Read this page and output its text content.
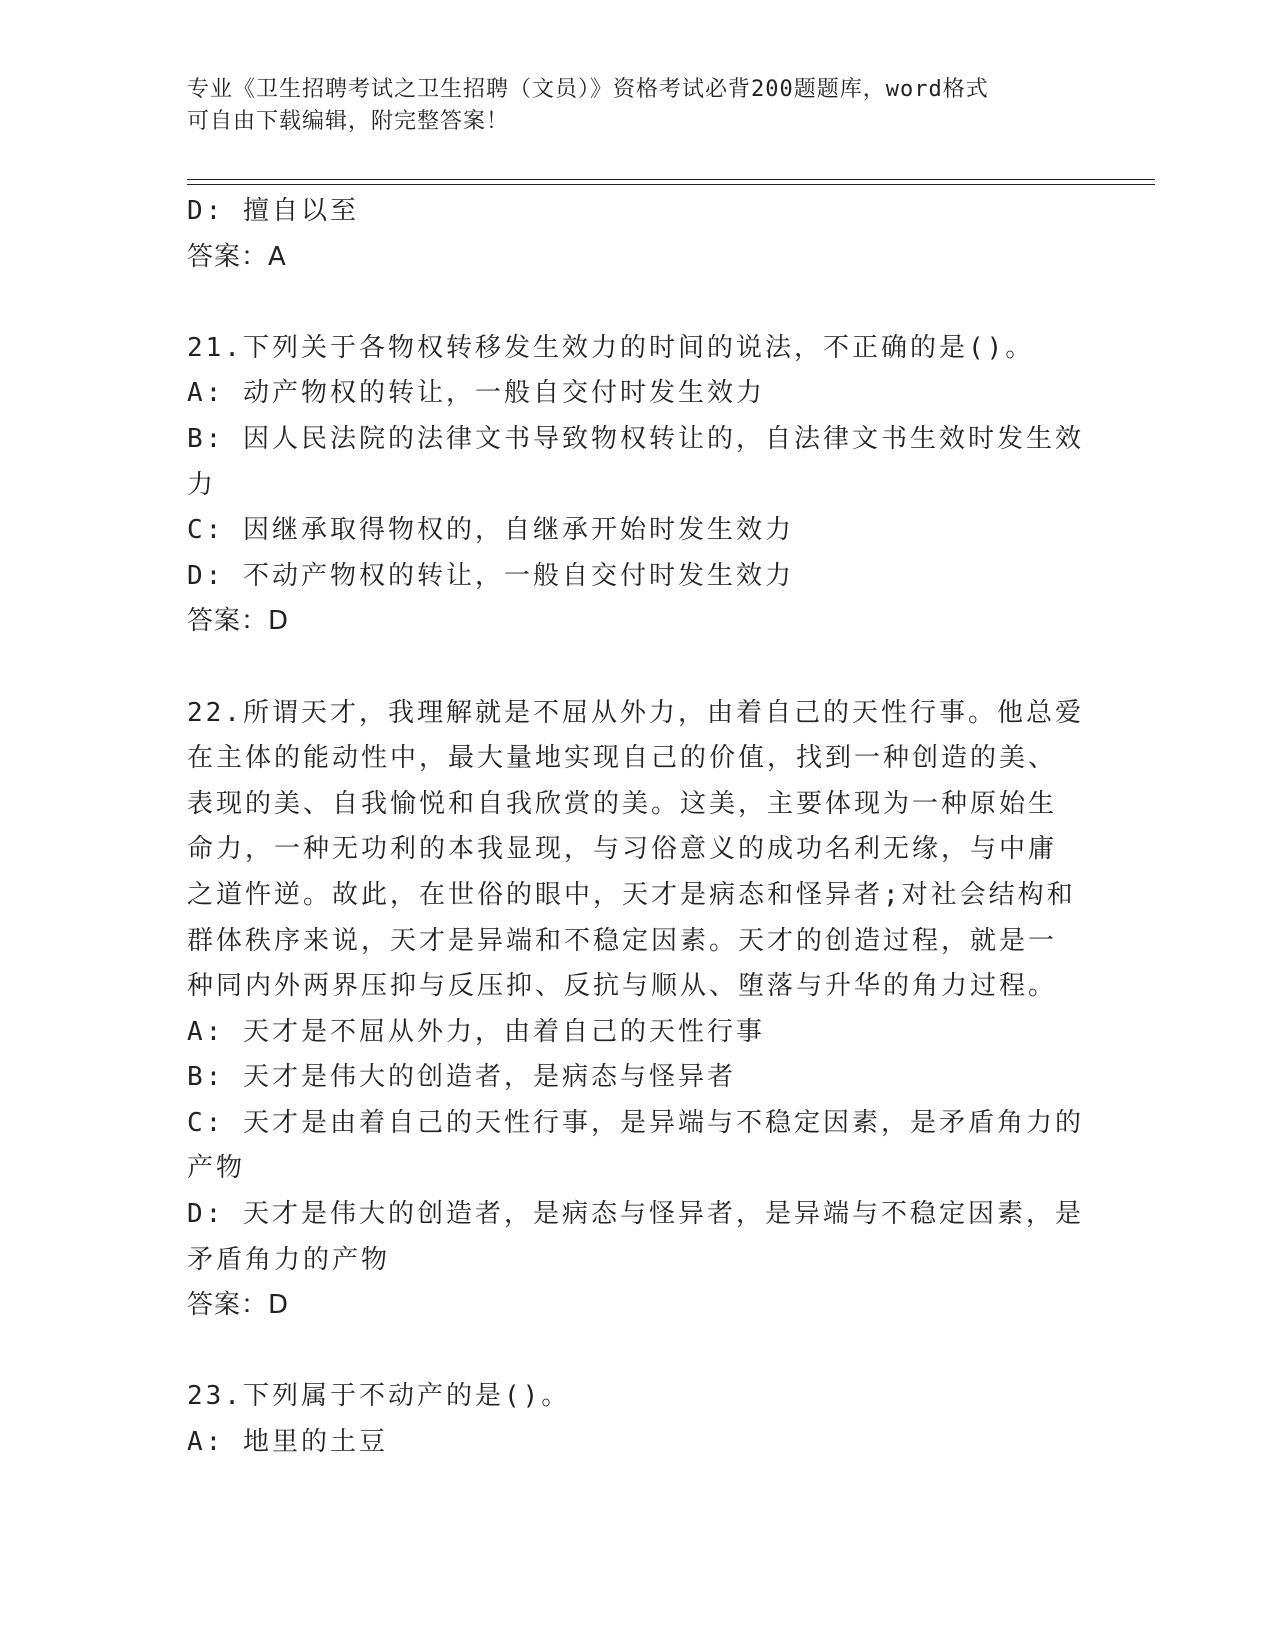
专业《卫生招聘考试之卫生招聘（文员）》资格考试必背200题题库，word格式
可自由下载编辑，附完整答案！
D: 擅自以至
答案：A
21.下列关于各物权转移发生效力的时间的说法，不正确的是()。
A: 动产物权的转让，一般自交付时发生效力
B: 因人民法院的法律文书导致物权转让的，自法律文书生效时发生效
力
C: 因继承取得物权的，自继承开始时发生效力
D: 不动产物权的转让，一般自交付时发生效力
答案：D
22.所谓天才，我理解就是不屈从外力，由着自己的天性行事。他总爱
在主体的能动性中，最大量地实现自己的价值，找到一种创造的美、
表现的美、自我愉悦和自我欣赏的美。这美，主要体现为一种原始生
命力，一种无功利的本我显现，与习俗意义的成功名利无缘，与中庸
之道忤逆。故此，在世俗的眼中，天才是病态和怪异者;对社会结构和
群体秩序来说，天才是异端和不稳定因素。天才的创造过程，就是一
种同内外两界压抑与反压抑、反抗与顺从、堕落与升华的角力过程。
A: 天才是不屈从外力，由着自己的天性行事
B: 天才是伟大的创造者，是病态与怪异者
C: 天才是由着自己的天性行事，是异端与不稳定因素，是矛盾角力的
产物
D: 天才是伟大的创造者，是病态与怪异者，是异端与不稳定因素，是
矛盾角力的产物
答案：D
23.下列属于不动产的是()。
A: 地里的土豆
